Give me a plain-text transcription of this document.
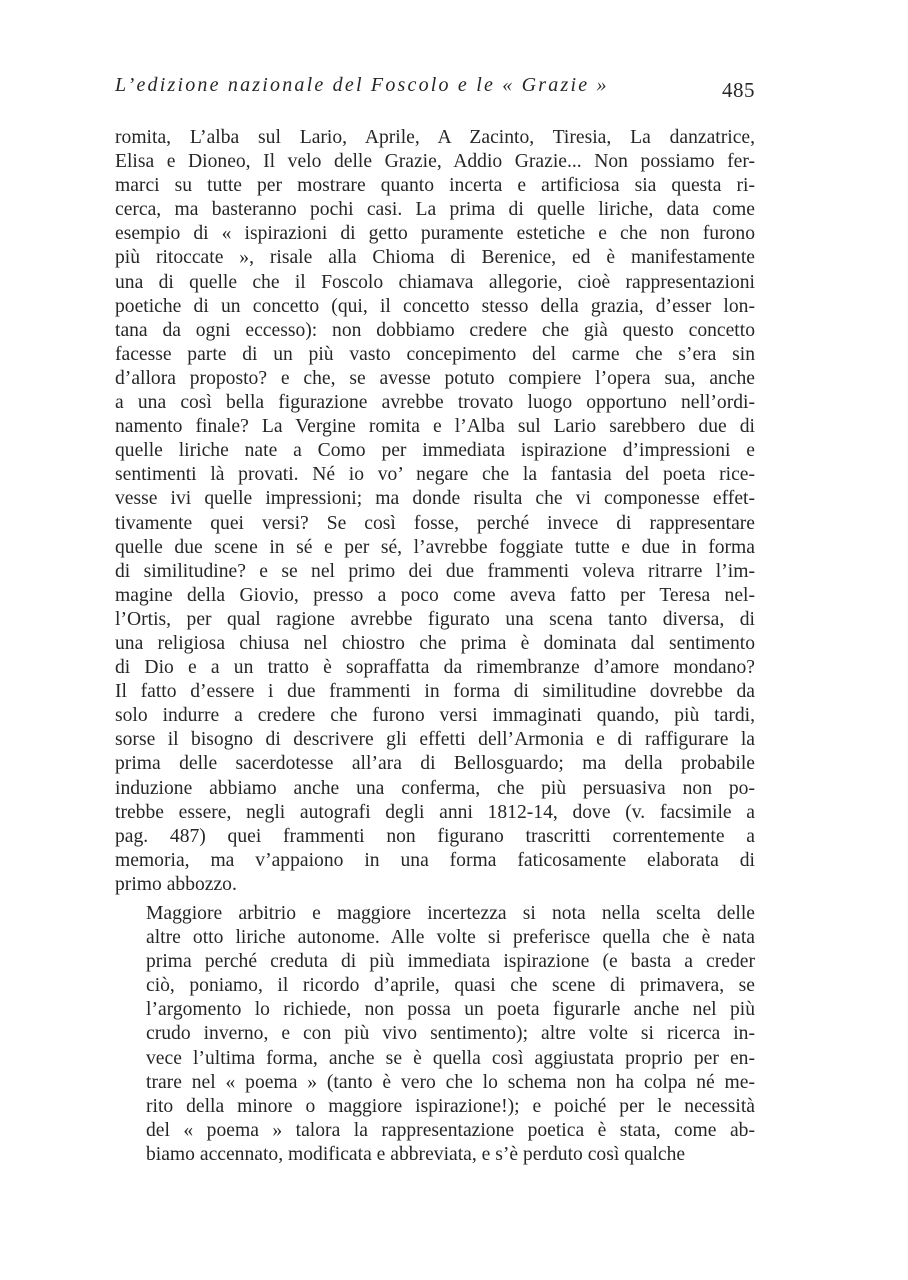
L’edizione nazionale del Foscolo e le « Grazie »	485

romita, L’alba sul Lario, Aprile, A Zacinto, Tiresia, La danzatrice,
Elisa e Dioneo, Il velo delle Grazie, Addio Grazie... Non possiamo fer-
marci su tutte per mostrare quanto incerta e artificiosa sia questa ri-
cerca, ma basteranno pochi casi. La prima di quelle liriche, data come
esempio di « ispirazioni di getto puramente estetiche e che non furono
più ritoccate », risale alla Chioma di Berenice, ed è manifestamente
una di quelle che il Foscolo chiamava allegorie, cioè rappresentazioni
poetiche di un concetto (qui, il concetto stesso della grazia, d’esser lon-
tana da ogni eccesso): non dobbiamo credere che già questo concetto
facesse parte di un più vasto concepimento del carme che s’era sin
d’allora proposto? e che, se avesse potuto compiere l’opera sua, anche
a una così bella figurazione avrebbe trovato luogo opportuno nell’ordi-
namento finale? La Vergine romita e l’Alba sul Lario sarebbero due di
quelle liriche nate a Como per immediata ispirazione d’impressioni e
sentimenti là provati. Né io vo’ negare che la fantasia del poeta rice-
vesse ivi quelle impressioni; ma donde risulta che vi componesse effet-
tivamente quei versi? Se così fosse, perché invece di rappresentare
quelle due scene in sé e per sé, l’avrebbe foggiate tutte e due in forma
di similitudine? e se nel primo dei due frammenti voleva ritrarre l’im-
magine della Giovio, presso a poco come aveva fatto per Teresa nel-
l’Ortis, per qual ragione avrebbe figurato una scena tanto diversa, di
una religiosa chiusa nel chiostro che prima è dominata dal sentimento
di Dio e a un tratto è sopraffatta da rimembranze d’amore mondano?
Il fatto d’essere i due frammenti in forma di similitudine dovrebbe da
solo indurre a credere che furono versi immaginati quando, più tardi,
sorse il bisogno di descrivere gli effetti dell’Armonia e di raffigurare la
prima delle sacerdotesse all’ara di Bellosguardo; ma della probabile
induzione abbiamo anche una conferma, che più persuasiva non po-
trebbe essere, negli autografi degli anni 1812-14, dove (v. facsimile a
pag. 487) quei frammenti non figurano trascritti correntemente a
memoria, ma v’appaiono in una forma faticosamente elaborata di
primo abbozzo.

Maggiore arbitrio e maggiore incertezza si nota nella scelta delle
altre otto liriche autonome. Alle volte si preferisce quella che è nata
prima perché creduta di più immediata ispirazione (e basta a creder
ciò, poniamo, il ricordo d’aprile, quasi che scene di primavera, se
l’argomento lo richiede, non possa un poeta figurarle anche nel più
crudo inverno, e con più vivo sentimento); altre volte si ricerca in-
vece l’ultima forma, anche se è quella così aggiustata proprio per en-
trare nel « poema » (tanto è vero che lo schema non ha colpa né me-
rito della minore o maggiore ispirazione!); e poiché per le necessità
del « poema » talora la rappresentazione poetica è stata, come ab-
biamo accennato, modificata e abbreviata, e s’è perduto così qualche
